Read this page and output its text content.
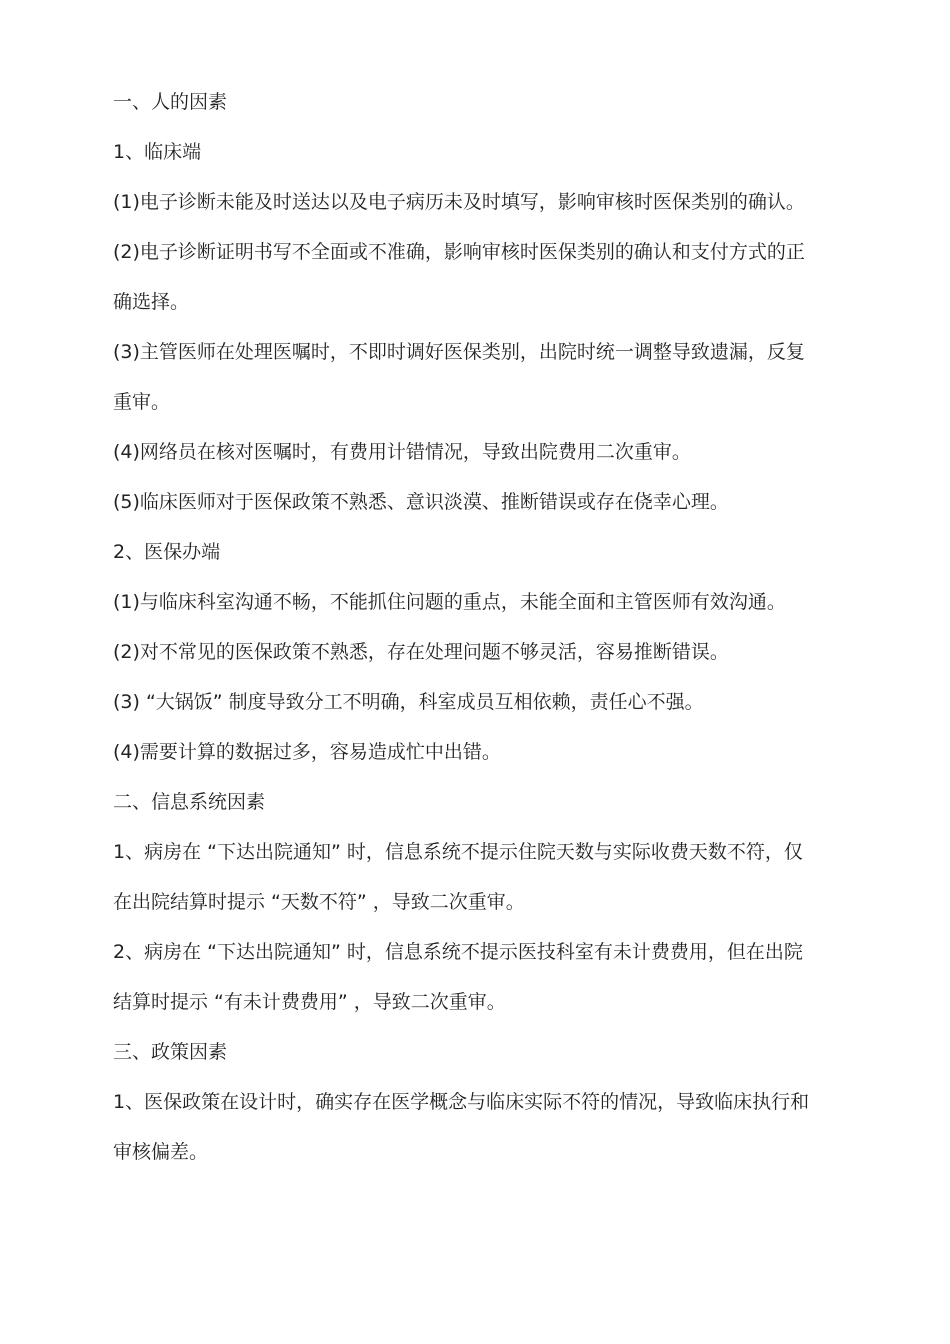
一、人的因素
1、临床端
(1)电子诊断未能及时送达以及电子病历未及时填写，影响审核时医保类别的确认。
(2)电子诊断证明书写不全面或不准确，影响审核时医保类别的确认和支付方式的正
确选择。
(3)主管医师在处理医嘱时，不即时调好医保类别，出院时统一调整导致遗漏，反复
重审。
(4)网络员在核对医嘱时，有费用计错情况，导致出院费用二次重审。
(5)临床医师对于医保政策不熟悉、意识淡漠、推断错误或存在侥幸心理。
2、医保办端
(1)与临床科室沟通不畅，不能抓住问题的重点，未能全面和主管医师有效沟通。
(2)对不常见的医保政策不熟悉，存在处理问题不够灵活，容易推断错误。
(3) “大锅饭” 制度导致分工不明确，科室成员互相依赖，责任心不强。
(4)需要计算的数据过多，容易造成忙中出错。
二、信息系统因素
1、病房在 “下达出院通知” 时，信息系统不提示住院天数与实际收费天数不符，仅
在出院结算时提示 “天数不符” ，导致二次重审。
2、病房在 “下达出院通知” 时，信息系统不提示医技科室有未计费费用，但在出院
结算时提示 “有未计费费用” ，导致二次重审。
三、政策因素
1、医保政策在设计时，确实存在医学概念与临床实际不符的情况，导致临床执行和
审核偏差。
